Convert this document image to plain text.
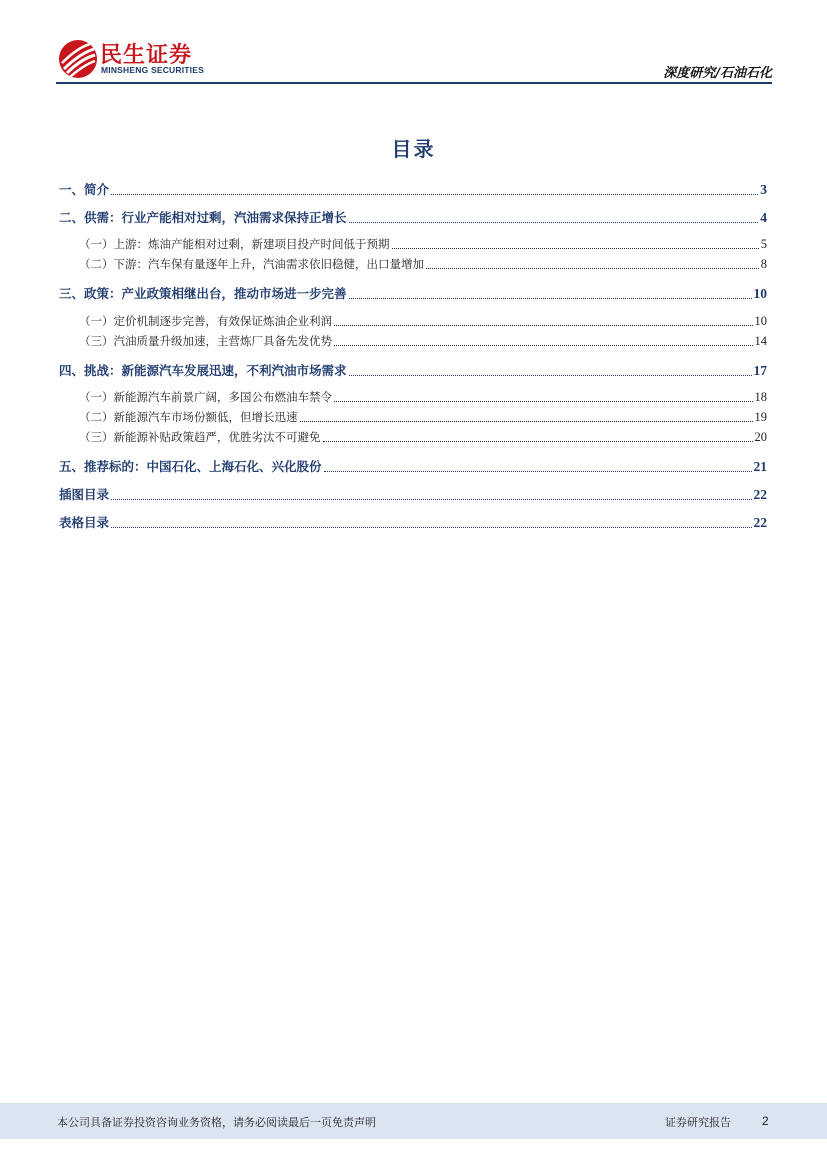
民生证券
MINSHENG SECURITIES	深度研究/石油石化
目录
一、简介	3
二、供需：行业产能相对过剩，汽油需求保持正增长	4
（一）上游：炼油产能相对过剩，新建项目投产时间低于预期	5
（二）下游：汽车保有量逐年上升，汽油需求依旧稳健，出口量增加	8
三、政策：产业政策相继出台，推动市场进一步完善	10
（一）定价机制逐步完善，有效保证炼油企业利润	10
（三）汽油质量升级加速，主营炼厂具备先发优势	14
四、挑战：新能源汽车发展迅速，不利汽油市场需求	17
（一）新能源汽车前景广阔，多国公布燃油车禁令	18
（二）新能源汽车市场份额低，但增长迅速	19
（三）新能源补贴政策趋严，优胜劣汰不可避免	20
五、推荐标的：中国石化、上海石化、兴化股份	21
插图目录	22
表格目录	22
本公司具备证券投资咨询业务资格，请务必阅读最后一页免责声明	证券研究报告	2
